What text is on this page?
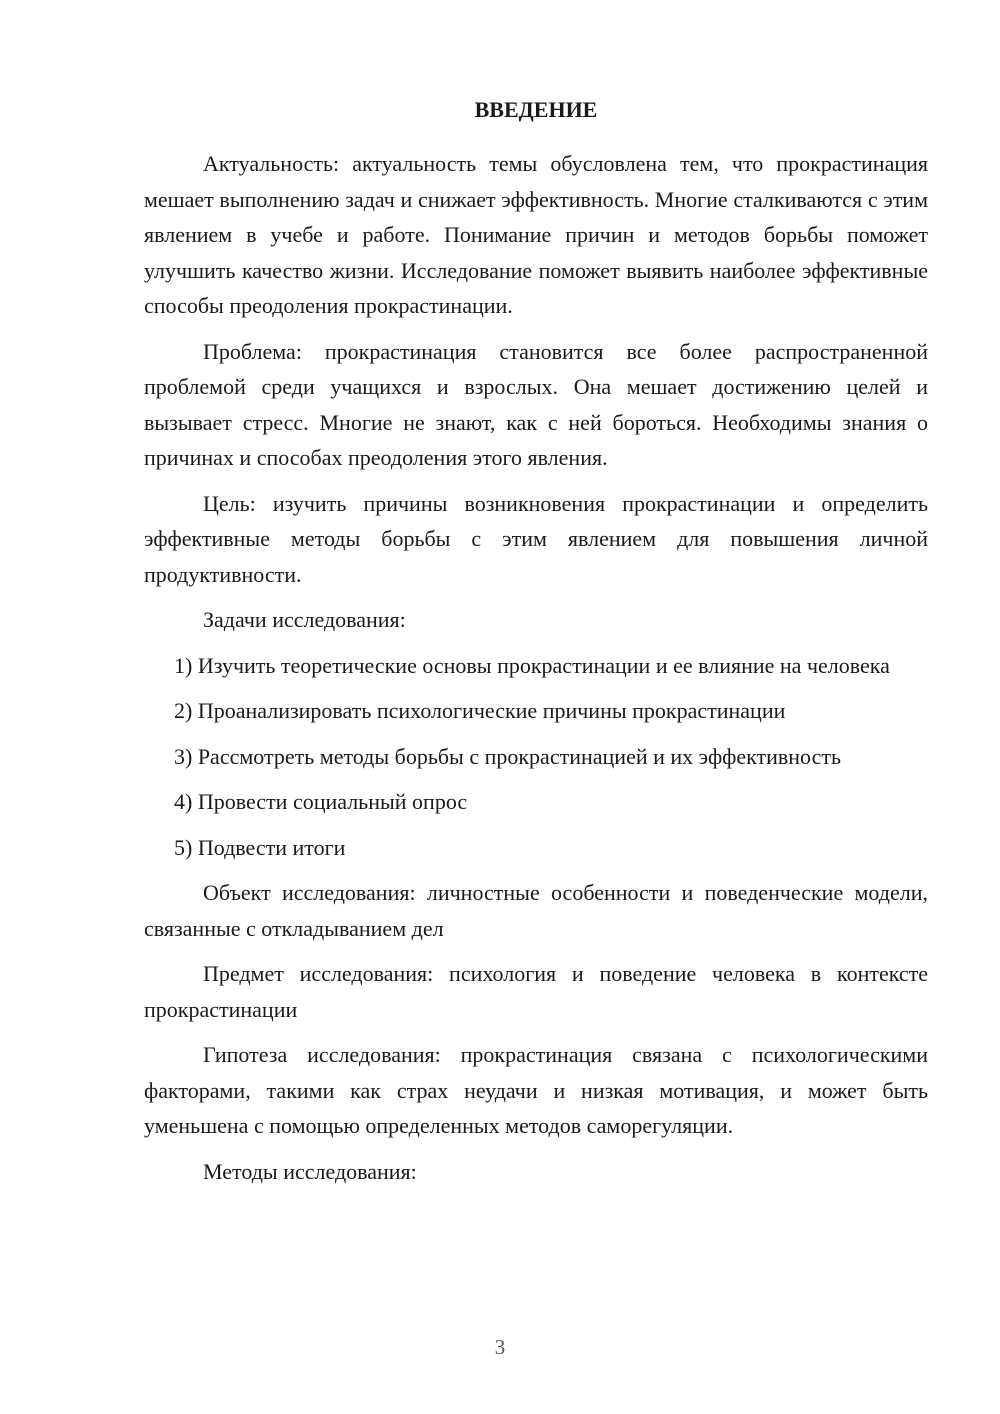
ВВЕДЕНИЕ

Актуальность: актуальность темы обусловлена тем, что прокрастинация мешает выполнению задач и снижает эффективность. Многие сталкиваются с этим явлением в учебе и работе. Понимание причин и методов борьбы поможет улучшить качество жизни. Исследование поможет выявить наиболее эффективные способы преодоления прокрастинации.

Проблема: прокрастинация становится все более распространенной проблемой среди учащихся и взрослых. Она мешает достижению целей и вызывает стресс. Многие не знают, как с ней бороться. Необходимы знания о причинах и способах преодоления этого явления.

Цель: изучить причины возникновения прокрастинации и определить эффективные методы борьбы с этим явлением для повышения личной продуктивности.

Задачи исследования:

1) Изучить теоретические основы прокрастинации и ее влияние на человека

2) Проанализировать психологические причины прокрастинации

3) Рассмотреть методы борьбы с прокрастинацией и их эффективность

4) Провести социальный опрос

5) Подвести итоги

Объект исследования: личностные особенности и поведенческие модели, связанные с откладыванием дел

Предмет исследования: психология и поведение человека в контексте прокрастинации

Гипотеза исследования: прокрастинация связана с психологическими факторами, такими как страх неудачи и низкая мотивация, и может быть уменьшена с помощью определенных методов саморегуляции.

Методы исследования:

3
